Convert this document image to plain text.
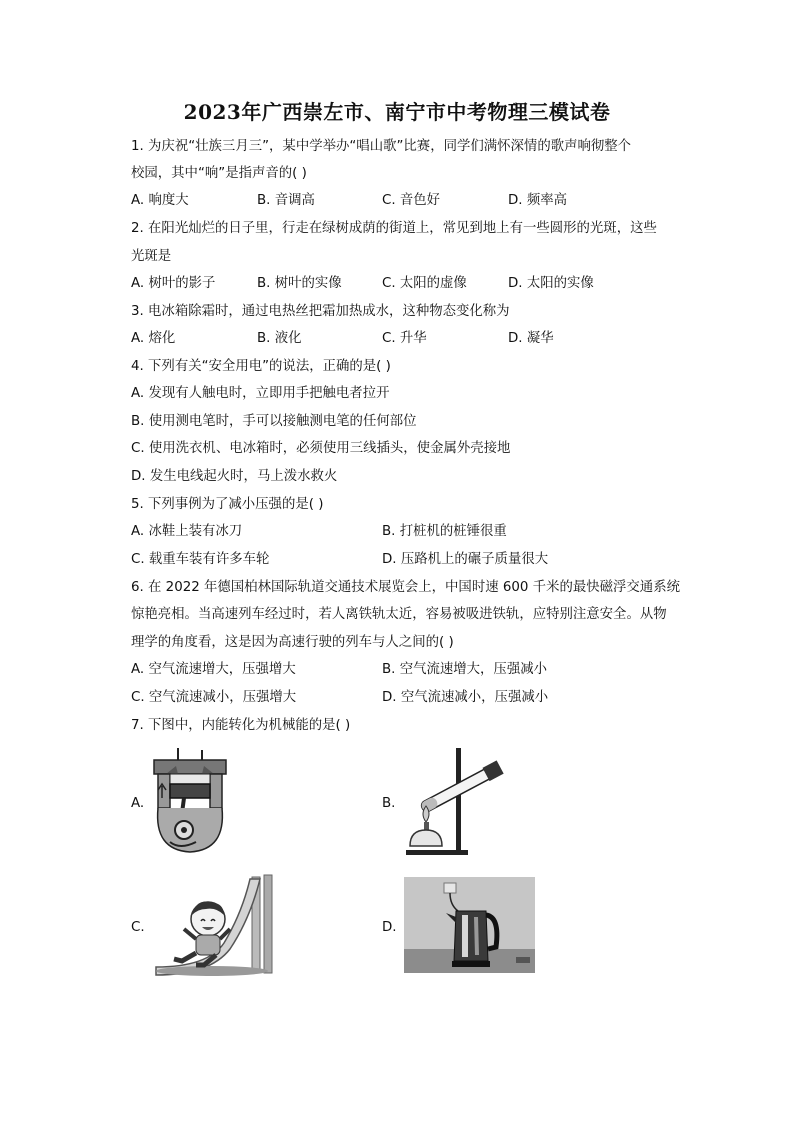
2023年广西崇左市、南宁市中考物理三模试卷
1. 为庆祝“壮族三月三”，某中学举办“唱山歌”比赛，同学们满怀深情的歌声响彻整个
校园，其中“响”是指声音的( )
A. 响度大	B. 音调高	C. 音色好	D. 频率高
2. 在阳光灿烂的日子里，行走在绿树成荫的街道上，常见到地上有一些圆形的光斑，这些
光斑是
A. 树叶的影子	B. 树叶的实像	C. 太阳的虚像	D. 太阳的实像
3. 电冰箱除霜时，通过电热丝把霜加热成水，这种物态变化称为
A. 熔化	B. 液化	C. 升华	D. 凝华
4. 下列有关“安全用电”的说法，正确的是( )
A. 发现有人触电时，立即用手把触电者拉开
B. 使用测电笔时，手可以接触测电笔的任何部位
C. 使用洗衣机、电冰箱时，必须使用三线插头，使金属外壳接地
D. 发生电线起火时，马上泼水救火
5. 下列事例为了减小压强的是( )
A. 冰鞋上装有冰刀	B. 打桩机的桩锤很重
C. 载重车装有许多车轮	D. 压路机上的碾子质量很大
6. 在 2022 年德国柏林国际轨道交通技术展览会上，中国时速 600 千米的最快磁浮交通系统
惊艳亮相。当高速列车经过时，若人离铁轨太近，容易被吸进铁轨，应特别注意安全。从物
理学的角度看，这是因为高速行驶的列车与人之间的( )
A. 空气流速增大，压强增大	B. 空气流速增大，压强减小
C. 空气流速减小，压强增大	D. 空气流速减小，压强减小
7. 下图中，内能转化为机械能的是( )
A.	B.
C.	D.
